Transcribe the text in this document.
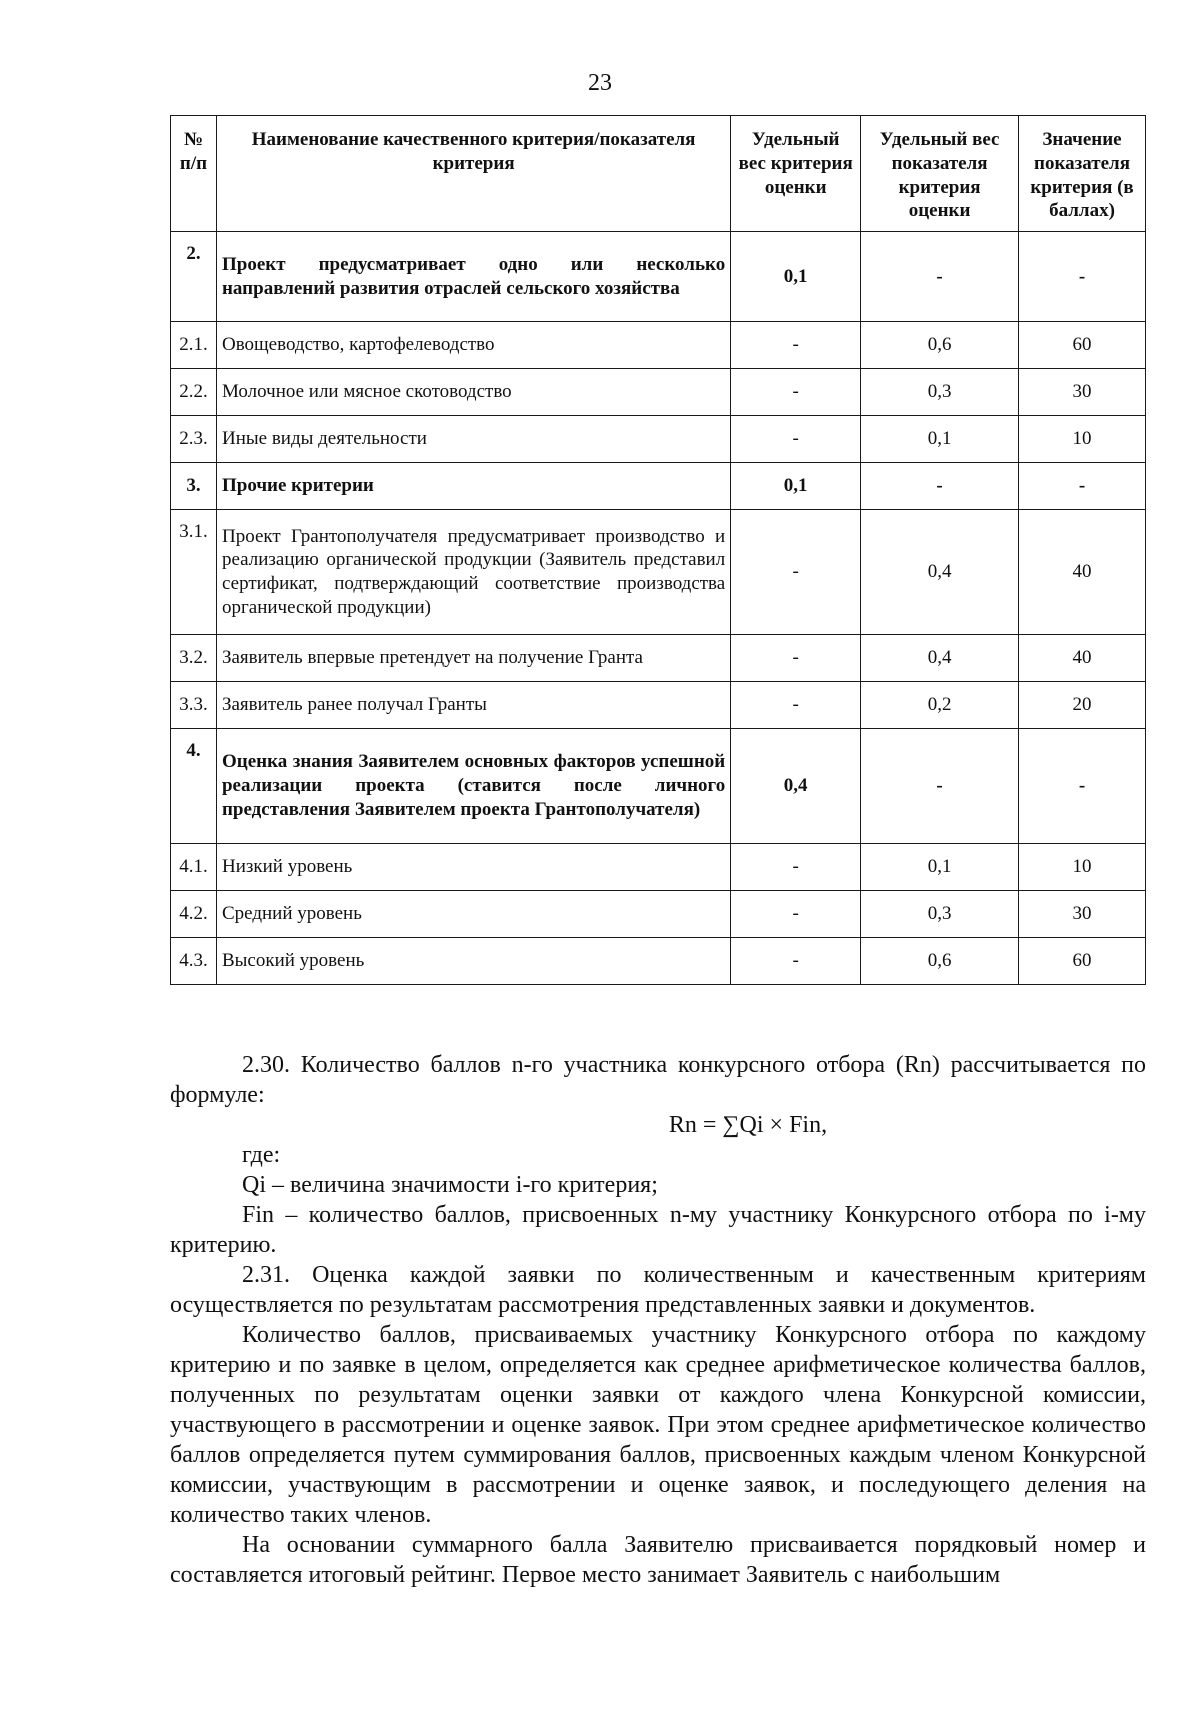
23
№ п/п	Наименование качественного критерия/показателя критерия	Удельный вес критерия оценки	Удельный вес показателя критерия оценки	Значение показателя критерия (в баллах)
2.	Проект предусматривает одно или несколько направлений развития отраслей сельского хозяйства	0,1	-	-
2.1.	Овощеводство, картофелеводство	-	0,6	60
2.2.	Молочное или мясное скотоводство	-	0,3	30
2.3.	Иные виды деятельности	-	0,1	10
3.	Прочие критерии	0,1	-	-
3.1.	Проект Грантополучателя предусматривает производство и реализацию органической продукции (Заявитель представил сертификат, подтверждающий соответствие производства органической продукции)	-	0,4	40
3.2.	Заявитель впервые претендует на получение Гранта	-	0,4	40
3.3.	Заявитель ранее получал Гранты	-	0,2	20
4.	Оценка знания Заявителем основных факторов успешной реализации проекта (ставится после личного представления Заявителем проекта Грантополучателя)	0,4	-	-
4.1.	Низкий уровень	-	0,1	10
4.2.	Средний уровень	-	0,3	30
4.3.	Высокий уровень	-	0,6	60

2.30. Количество баллов n-го участника конкурсного отбора (Rn) рассчитывается по формуле:

Rn = ∑Qi × Fin,

где:

Qi – величина значимости i-го критерия;

Fin – количество баллов, присвоенных n-му участнику Конкурсного отбора по i-му критерию.

2.31. Оценка каждой заявки по количественным и качественным критериям осуществляется по результатам рассмотрения представленных заявки и документов.

Количество баллов, присваиваемых участнику Конкурсного отбора по каждому критерию и по заявке в целом, определяется как среднее арифметическое количества баллов, полученных по результатам оценки заявки от каждого члена Конкурсной комиссии, участвующего в рассмотрении и оценке заявок. При этом среднее арифметическое количество баллов определяется путем суммирования баллов, присвоенных каждым членом Конкурсной комиссии, участвующим в рассмотрении и оценке заявок, и последующего деления на количество таких членов.

На основании суммарного балла Заявителю присваивается порядковый номер и составляется итоговый рейтинг. Первое место занимает Заявитель с наибольшим
